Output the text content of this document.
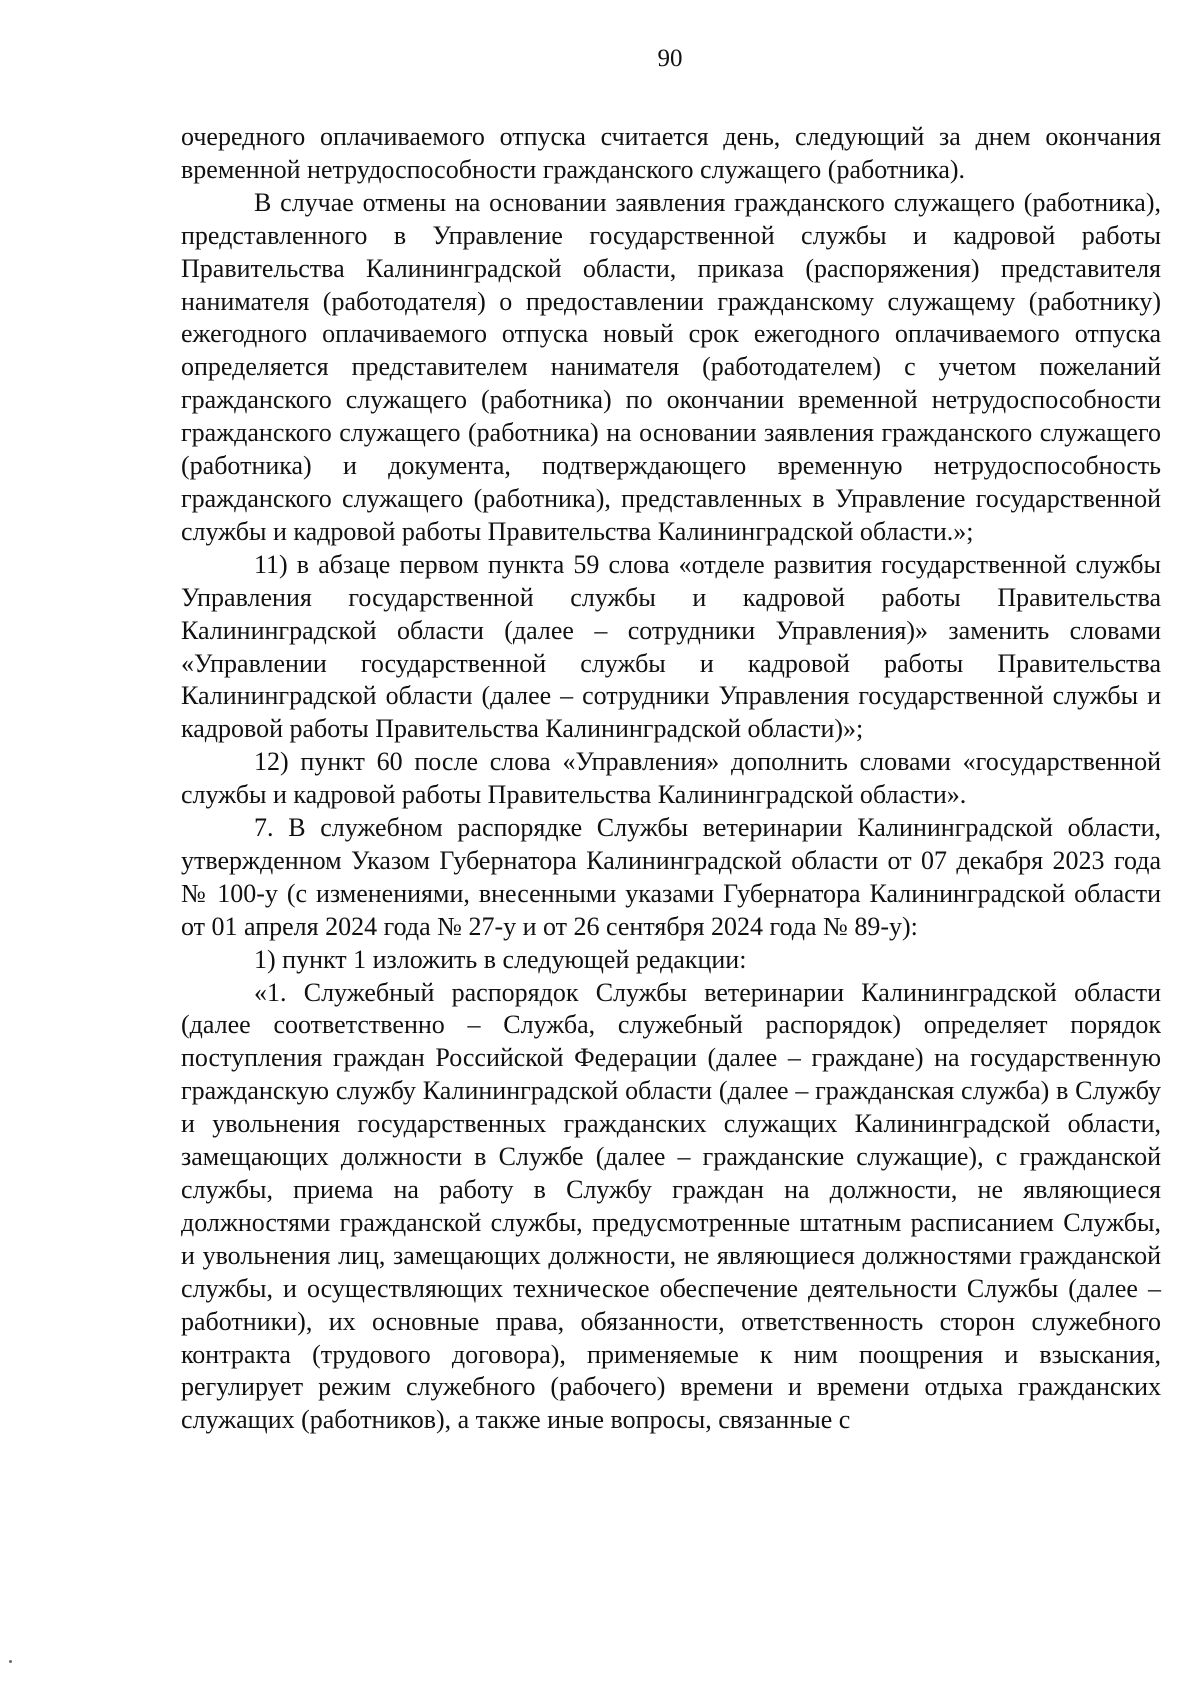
90

очередного оплачиваемого отпуска считается день, следующий за днем окончания временной нетрудоспособности гражданского служащего (работника).

В случае отмены на основании заявления гражданского служащего (работника), представленного в Управление государственной службы и кадровой работы Правительства Калининградской области, приказа (распоряжения) представителя нанимателя (работодателя) о предоставлении гражданскому служащему (работнику) ежегодного оплачиваемого отпуска новый срок ежегодного оплачиваемого отпуска определяется представителем нанимателя (работодателем) с учетом пожеланий гражданского служащего (работника) по окончании временной нетрудоспособности гражданского служащего (работника) на основании заявления гражданского служащего (работника) и документа, подтверждающего временную нетрудоспособность гражданского служащего (работника), представленных в Управление государственной службы и кадровой работы Правительства Калининградской области.»;

11) в абзаце первом пункта 59 слова «отделе развития государственной службы Управления государственной службы и кадровой работы Правительства Калининградской области (далее – сотрудники Управления)» заменить словами «Управлении государственной службы и кадровой работы Правительства Калининградской области (далее – сотрудники Управления государственной службы и кадровой работы Правительства Калининградской области)»;

12) пункт 60 после слова «Управления» дополнить словами «государственной службы и кадровой работы Правительства Калининградской области».

7. В служебном распорядке Службы ветеринарии Калининградской области, утвержденном Указом Губернатора Калининградской области от 07 декабря 2023 года № 100-у (с изменениями, внесенными указами Губернатора Калининградской области от 01 апреля 2024 года № 27-у и от 26 сентября 2024 года № 89-у):

1) пункт 1 изложить в следующей редакции:

«1. Служебный распорядок Службы ветеринарии Калининградской области (далее соответственно – Служба, служебный распорядок) определяет порядок поступления граждан Российской Федерации (далее – граждане) на государственную гражданскую службу Калининградской области (далее – гражданская служба) в Службу и увольнения государственных гражданских служащих Калининградской области, замещающих должности в Службе (далее – гражданские служащие), с гражданской службы, приема на работу в Службу граждан на должности, не являющиеся должностями гражданской службы, предусмотренные штатным расписанием Службы, и увольнения лиц, замещающих должности, не являющиеся должностями гражданской службы, и осуществляющих техническое обеспечение деятельности Службы (далее – работники), их основные права, обязанности, ответственность сторон служебного контракта (трудового договора), применяемые к ним поощрения и взыскания, регулирует режим служебного (рабочего) времени и времени отдыха гражданских служащих (работников), а также иные вопросы, связанные с
